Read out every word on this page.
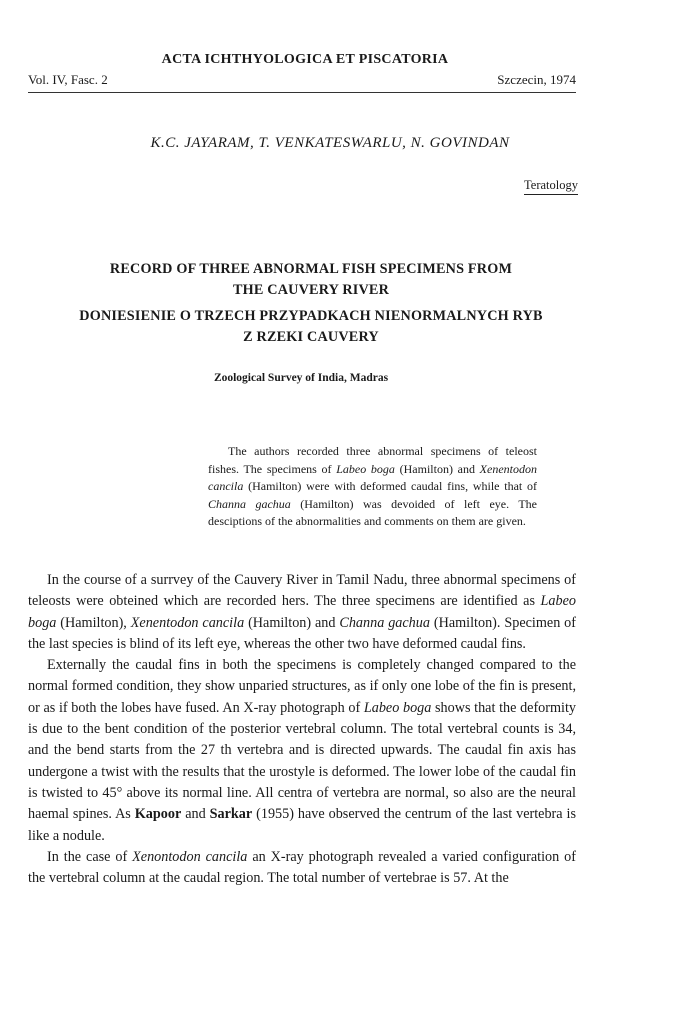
ACTA ICHTHYOLOGICA ET PISCATORIA
Vol. IV, Fasc. 2	Szczecin, 1974
K.C. JAYARAM, T. VENKATESWARLU, N. GOVINDAN
Teratology
RECORD OF THREE ABNORMAL FISH SPECIMENS FROM
THE CAUVERY RIVER
DONIESIENIE O TRZECH PRZYPADKACH NIENORMALNYCH RYB
Z RZEKI CAUVERY
Zoological Survey of India, Madras
The authors recorded three abnormal specimens of teleost fishes. The specimens of Labeo boga (Hamilton) and Xenentodon cancila (Hamilton) were with deformed caudal fins, while that of Channa gachua (Hamilton) was devoided of left eye. The desciptions of the abnormalities and comments on them are given.

In the course of a surrvey of the Cauvery River in Tamil Nadu, three abnormal specimens of teleosts were obteined which are recorded hers. The three specimens are identified as Labeo boga (Hamilton), Xenentodon cancila (Hamilton) and Channa gachua (Hamilton). Specimen of the last species is blind of its left eye, whereas the other two have deformed caudal fins.

Externally the caudal fins in both the specimens is completely changed compared to the normal formed condition, they show unparied structures, as if only one lobe of the fin is present, or as if both the lobes have fused. An X-ray photograph of Labeo boga shows that the deformity is due to the bent condition of the posterior vertebral column. The total vertebral counts is 34, and the bend starts from the 27 th vertebra and is directed upwards. The caudal fin axis has undergone a twist with the results that the urostyle is deformed. The lower lobe of the caudal fin is twisted to 45° above its normal line. All centra of vertebra are normal, so also are the neural haemal spines. As Kapoor and Sarkar (1955) have observed the centrum of the last vertebra is like a nodule.

In the case of Xenontodon cancila an X-ray photograph revealed a varied configuration of the vertebral column at the caudal region. The total number of vertebrae is 57. At the
